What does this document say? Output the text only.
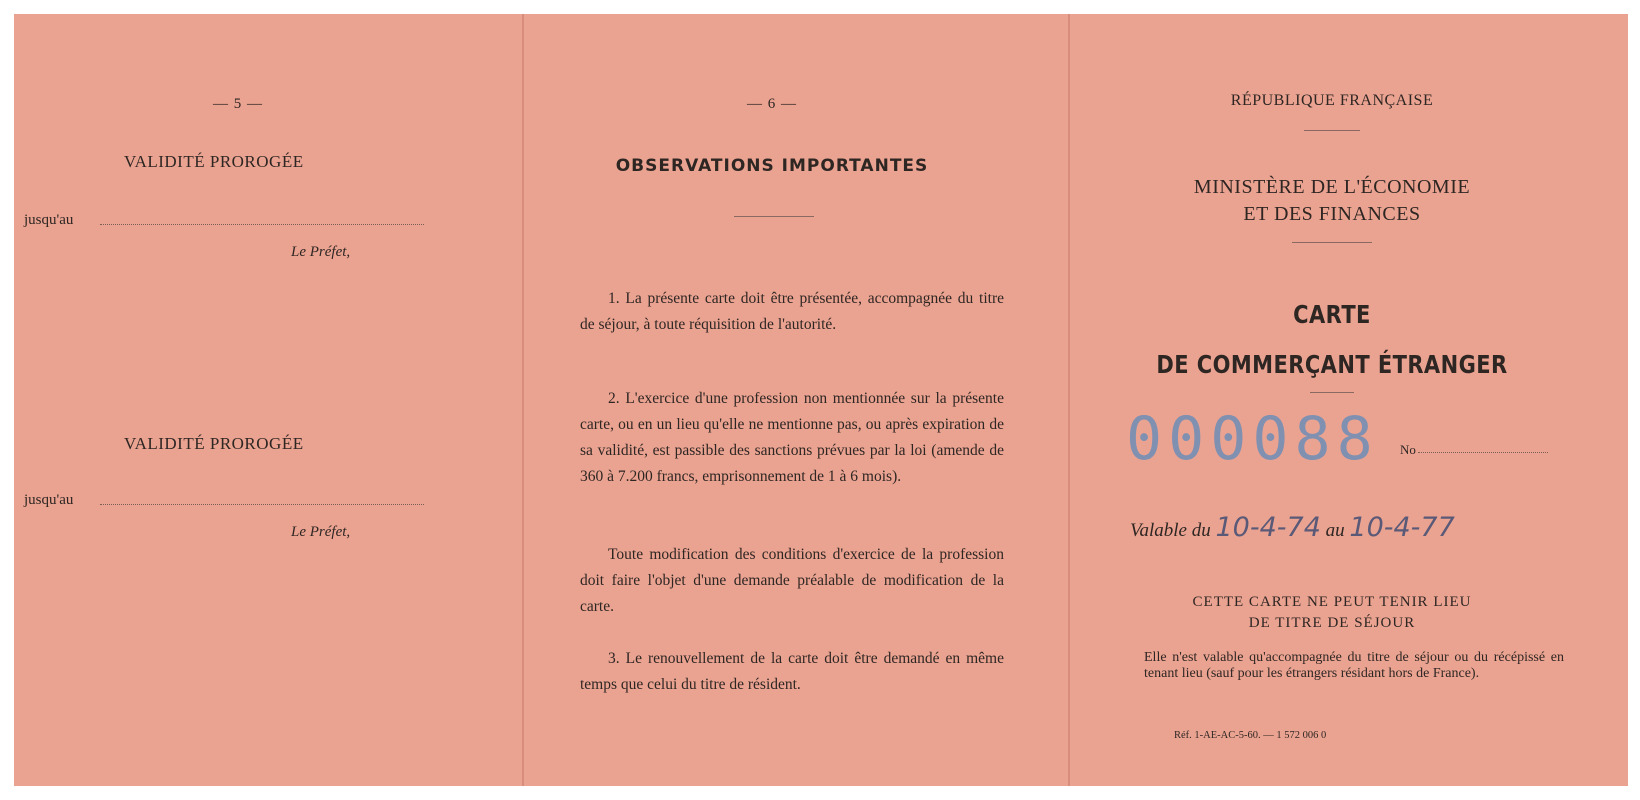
— 5 —
VALIDITÉ PROROGÉE
jusqu'au
Le Préfet,
VALIDITÉ PROROGÉE
jusqu'au
Le Préfet,
— 6 —
OBSERVATIONS IMPORTANTES
1. La présente carte doit être présentée, accompagnée du titre de séjour, à toute réquisition de l'autorité.
2. L'exercice d'une profession non mentionnée sur la présente carte, ou en un lieu qu'elle ne mentionne pas, ou après expiration de sa validité, est passible des sanctions prévues par la loi (amende de 360 à 7.200 francs, emprisonnement de 1 à 6 mois).
Toute modification des conditions d'exercice de la profession doit faire l'objet d'une demande préalable de modification de la carte.
3. Le renouvellement de la carte doit être demandé en même temps que celui du titre de résident.
RÉPUBLIQUE FRANÇAISE
MINISTÈRE DE L'ÉCONOMIE
ET DES FINANCES
CARTE
DE COMMERÇANT ÉTRANGER
000088 No
Valable du 10-4-74 au 10-4-77
CETTE CARTE NE PEUT TENIR LIEU
DE TITRE DE SÉJOUR
Elle n'est valable qu'accompagnée du titre de séjour ou du récépissé en tenant lieu (sauf pour les étrangers résidant hors de France).
Réf. 1-AE-AC-5-60. — 1 572 006 0
